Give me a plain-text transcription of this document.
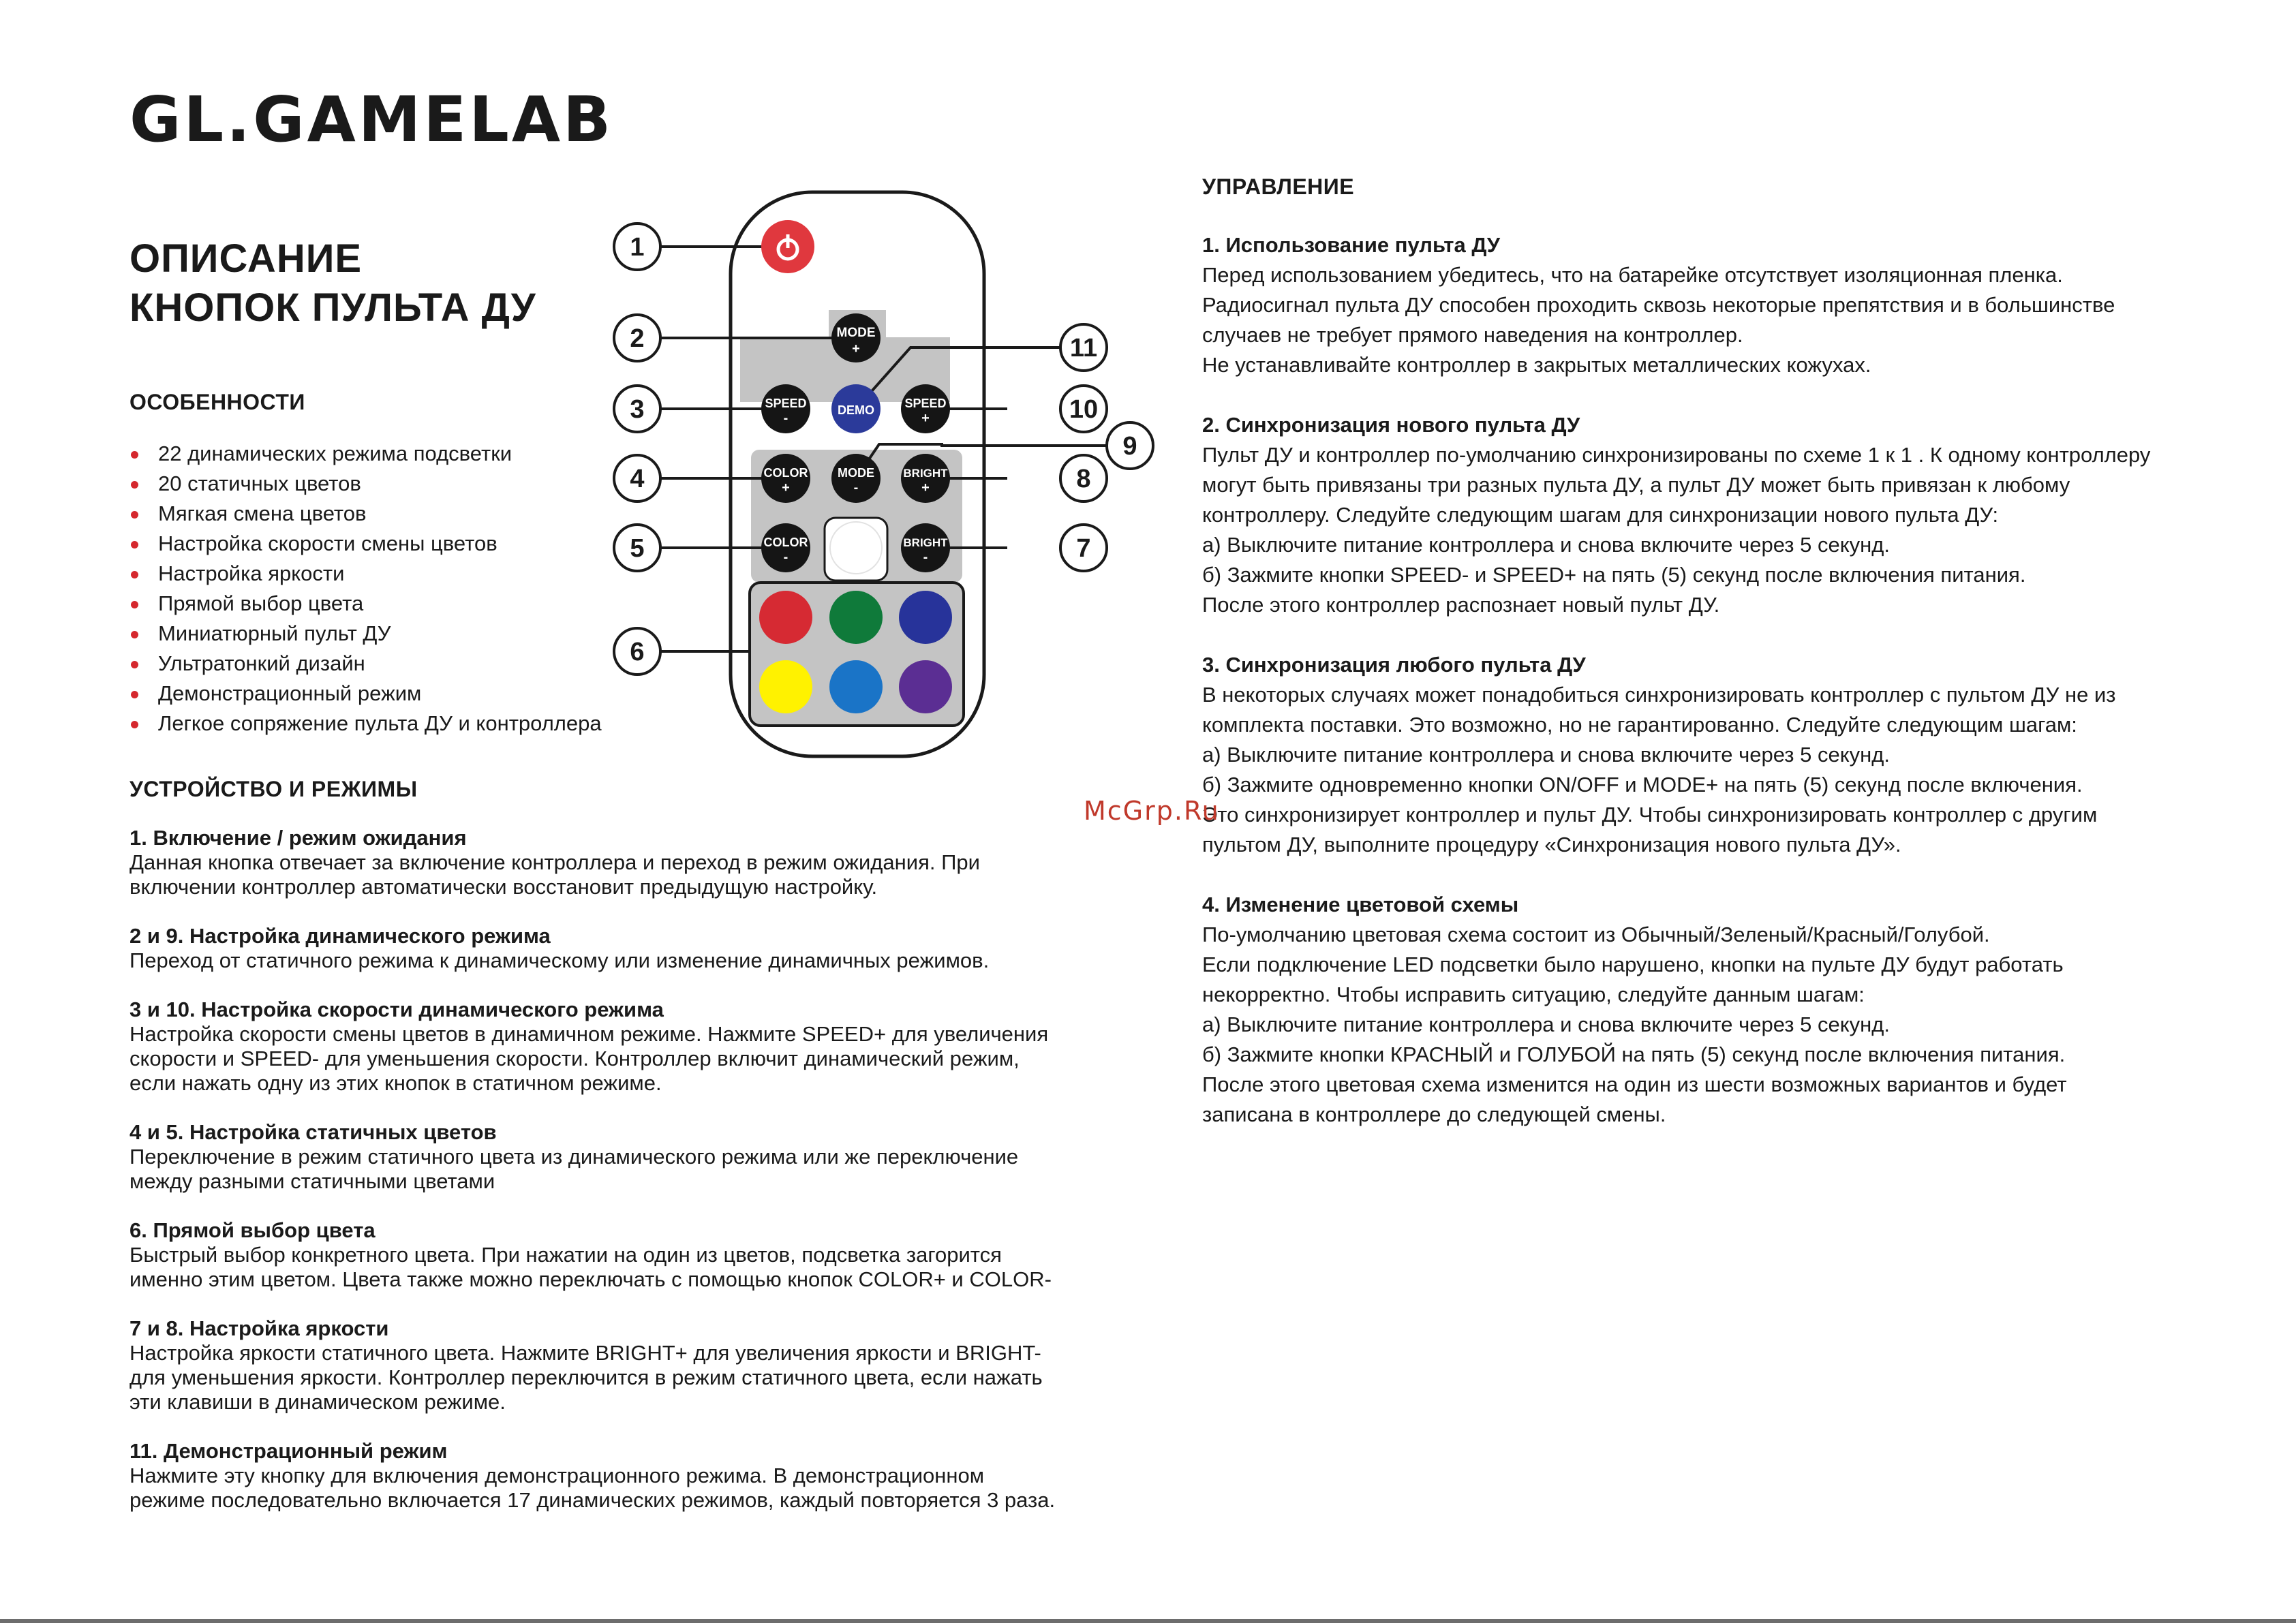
GL.GAMELAB
ОПИСАНИЕ
КНОПОК ПУЛЬТА ДУ
ОСОБЕННОСТИ
22 динамических режима подсветки
20 статичных цветов
Мягкая смена цветов
Настройка скорости смены цветов
Настройка яркости
Прямой выбор цвета
Миниатюрный пульт ДУ
Ультратонкий дизайн
Демонстрационный режим
Легкое сопряжение пульта ДУ и контроллера
УСТРОЙСТВО И РЕЖИМЫ
1. Включение / режим ожидания

Данная кнопка отвечает за включение контроллера и переход в режим ожидания. При

включении контроллер автоматически восстановит предыдущую настройку.

2 и 9. Настройка динамического режима

Переход от статичного режима к динамическому или изменение динамичных режимов.

3 и 10. Настройка скорости динамического режима

Настройка скорости смены цветов в динамичном режиме. Нажмите SPEED+ для увеличения

скорости и SPEED- для уменьшения скорости. Контроллер включит динамический режим,

если нажать одну из этих кнопок в статичном режиме.

4 и 5. Настройка статичных цветов

Переключение в режим статичного цвета из динамического режима или же переключение

между разными статичными цветами

6. Прямой выбор цвета

Быстрый выбор конкретного цвета. При нажатии на один из цветов, подсветка загорится

именно этим цветом. Цвета также можно переключать с помощью кнопок COLOR+ и COLOR-

7 и 8. Настройка яркости

Настройка яркости статичного цвета. Нажмите BRIGHT+ для увеличения яркости и BRIGHT-

для уменьшения яркости. Контроллер переключится в режим статичного цвета, если нажать

эти клавиши в динамическом режиме.

11. Демонстрационный режим

Нажмите эту кнопку для включения демонстрационного режима. В демонстрационном

режиме последовательно включается 17 динамических режимов, каждый повторяется 3 раза.

УПРАВЛЕНИЕ
1. Использование пульта ДУ

Перед использованием убедитесь, что на батарейке отсутствует изоляционная пленка.

Радиосигнал пульта ДУ способен проходить сквозь некоторые препятствия и в большинстве

случаев не требует прямого наведения на контроллер.

Не устанавливайте контроллер в закрытых металлических кожухах.

2. Синхронизация нового пульта ДУ

Пульт ДУ и контроллер по-умолчанию синхронизированы по схеме 1 к 1 . К одному контроллеру

могут быть привязаны три разных пульта ДУ, а пульт ДУ может быть привязан к любому

контроллеру. Следуйте следующим шагам для синхронизации нового пульта ДУ:

а) Выключите питание контроллера и снова включите через 5 секунд.

б) Зажмите кнопки SPEED- и SPEED+ на пять (5) секунд после включения питания.

После этого контроллер распознает новый пульт ДУ.

3. Синхронизация любого пульта ДУ

В некоторых случаях может понадобиться синхронизировать контроллер с пультом ДУ не из

комплекта поставки. Это возможно, но не гарантированно. Следуйте следующим шагам:

а) Выключите питание контроллера и снова включите через 5 секунд.

б) Зажмите одновременно кнопки ON/OFF и MODE+ на пять (5) секунд после включения.

Это синхронизирует контроллер и пульт ДУ. Чтобы синхронизировать контроллер с другим

пультом ДУ, выполните процедуру «Синхронизация нового пульта ДУ».

4. Изменение цветовой схемы

По-умолчанию цветовая схема состоит из Обычный/Зеленый/Красный/Голубой.

Если подключение LED подсветки было нарушено, кнопки на пульте ДУ будут работать

некорректно. Чтобы исправить ситуацию, следуйте данным шагам:

а) Выключите питание контроллера и снова включите через 5 секунд.

б) Зажмите кнопки КРАСНЫЙ и ГОЛУБОЙ на пять (5) секунд после включения питания.

После этого цветовая схема изменится на один из шести возможных вариантов и будет

записана в контроллере до следующей смены.

McGrp.Ru
MODE
+
SPEED
-
DEMO SPEED
+
COLOR
+
MODE
-
BRIGHT
+
COLOR
-
BRIGHT
-
1
2
3
4
5
6
7
8
9
10
11
